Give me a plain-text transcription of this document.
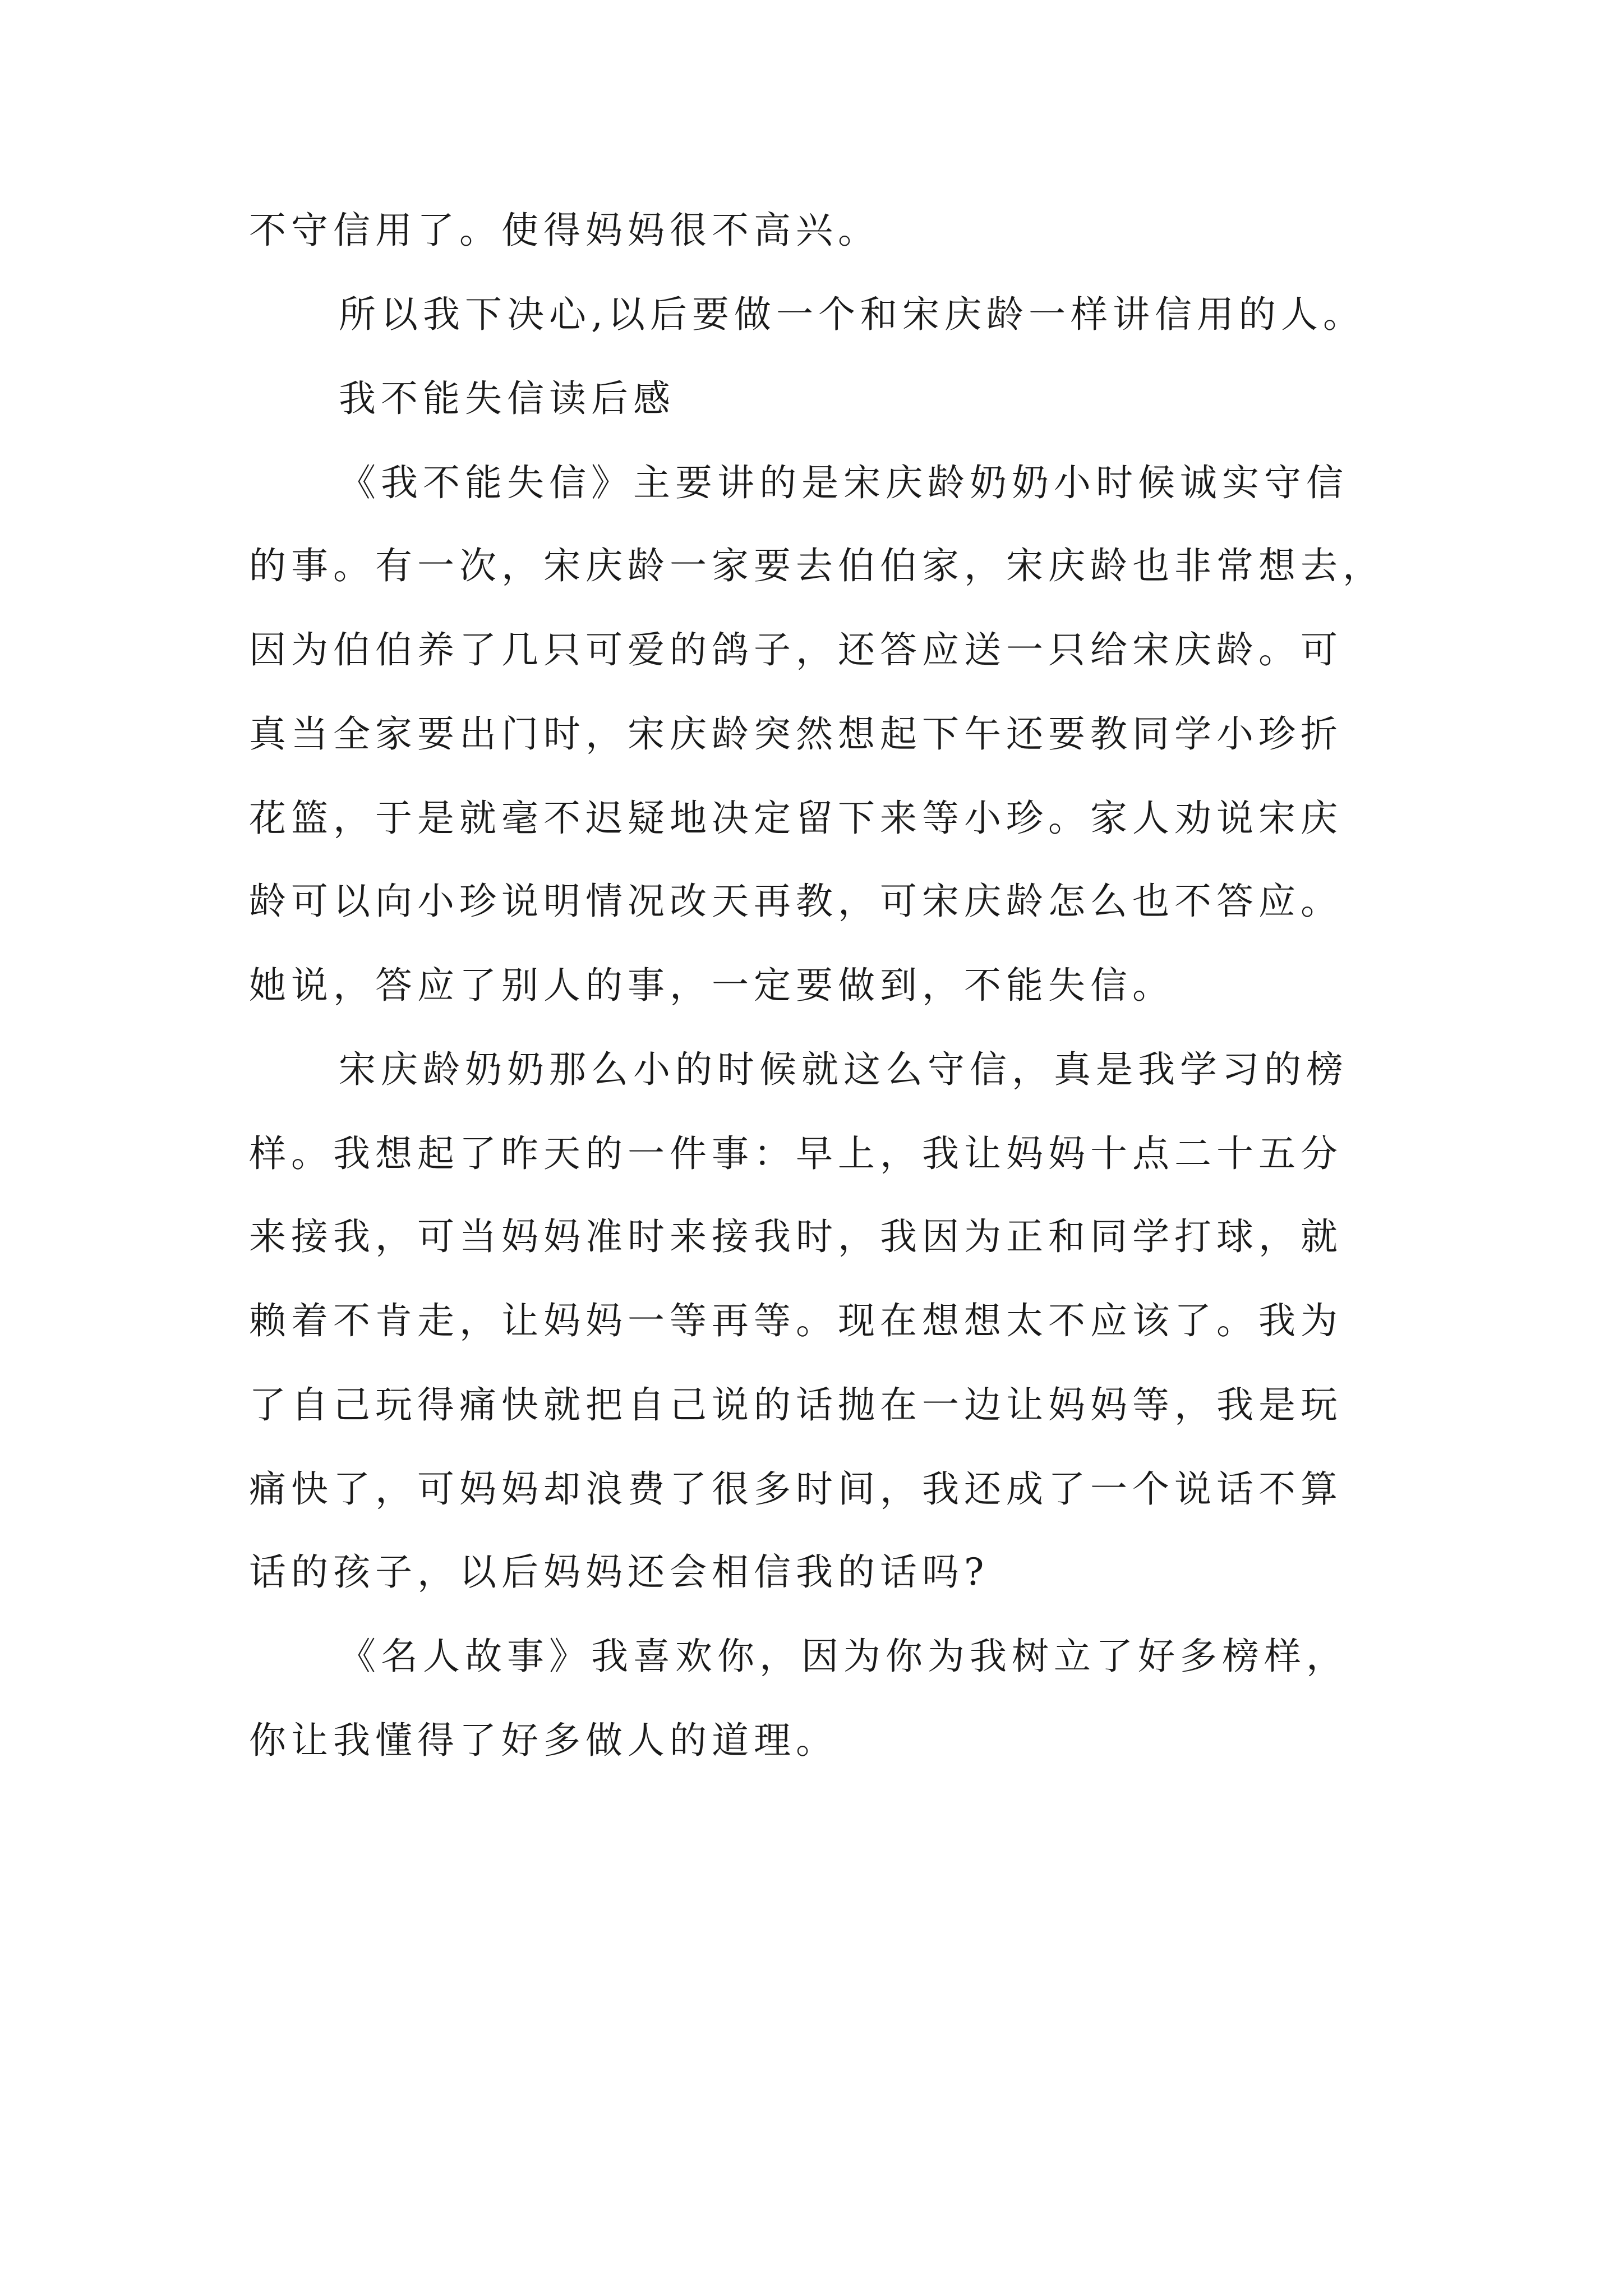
不守信用了。使得妈妈很不高兴。
所以我下决心,以后要做一个和宋庆龄一样讲信用的人。
我不能失信读后感
《我不能失信》主要讲的是宋庆龄奶奶小时候诚实守信
的事。有一次，宋庆龄一家要去伯伯家，宋庆龄也非常想去，
因为伯伯养了几只可爱的鸽子，还答应送一只给宋庆龄。可
真当全家要出门时，宋庆龄突然想起下午还要教同学小珍折
花篮，于是就毫不迟疑地决定留下来等小珍。家人劝说宋庆
龄可以向小珍说明情况改天再教，可宋庆龄怎么也不答应。
她说，答应了别人的事，一定要做到，不能失信。
宋庆龄奶奶那么小的时候就这么守信，真是我学习的榜
样。我想起了昨天的一件事：早上，我让妈妈十点二十五分
来接我，可当妈妈准时来接我时，我因为正和同学打球，就
赖着不肯走，让妈妈一等再等。现在想想太不应该了。我为
了自己玩得痛快就把自己说的话抛在一边让妈妈等，我是玩
痛快了，可妈妈却浪费了很多时间，我还成了一个说话不算
话的孩子，以后妈妈还会相信我的话吗?
《名人故事》我喜欢你，因为你为我树立了好多榜样，
你让我懂得了好多做人的道理。
